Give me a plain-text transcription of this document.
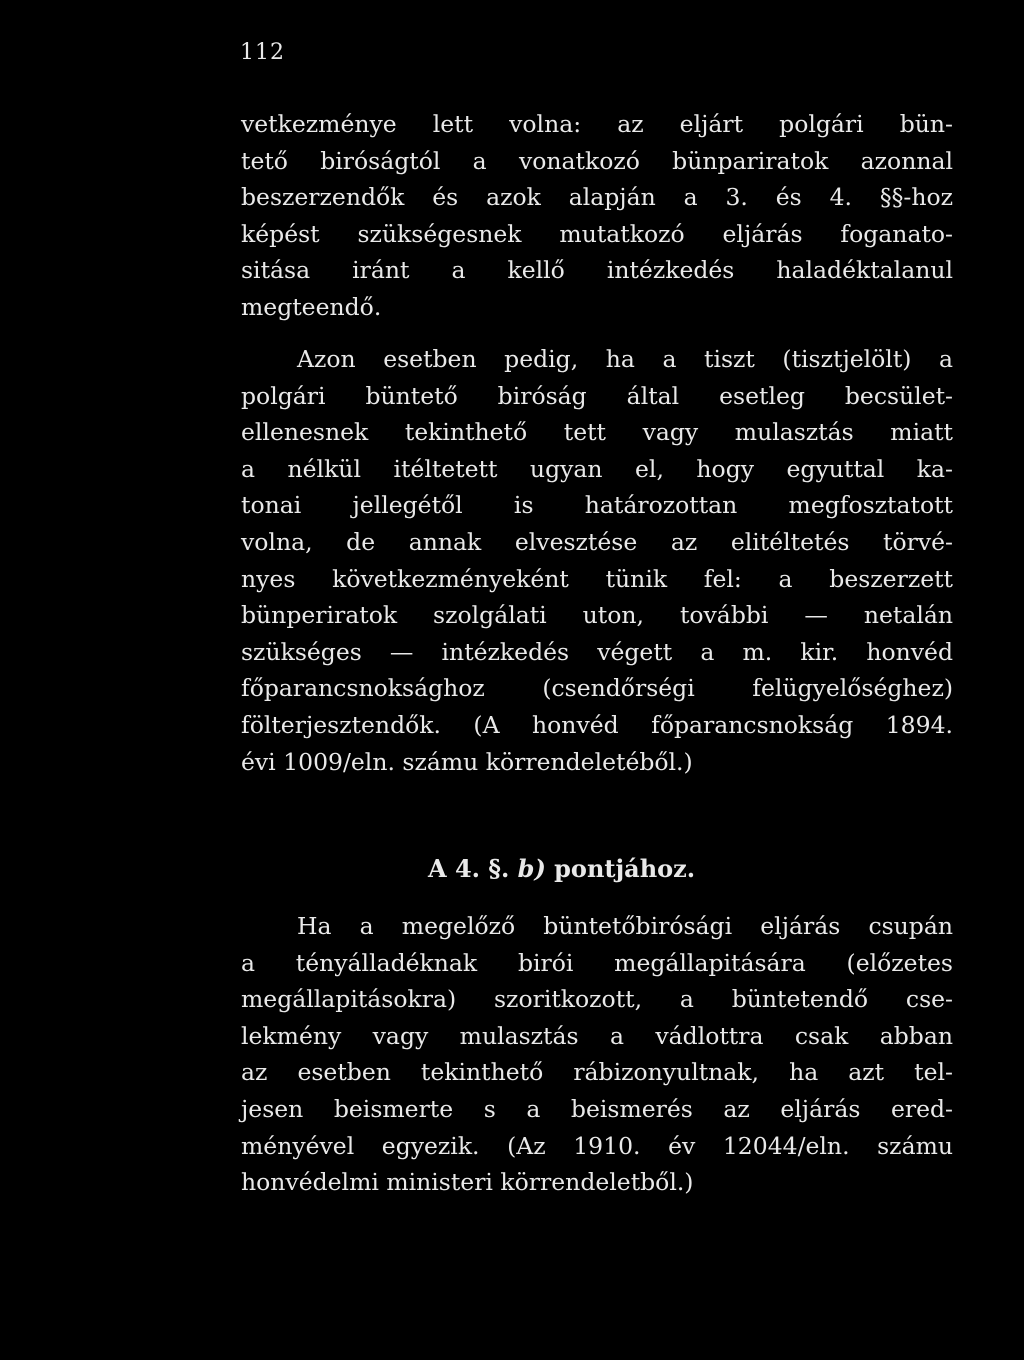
112
vetkezménye lett volna: az eljárt polgári bün-
tető biróságtól a vonatkozó bünpariratok azonnal
beszerzendők és azok alapján a 3. és 4. §§-hoz
képést szükségesnek mutatkozó eljárás foganato-
sitása iránt a kellő intézkedés haladéktalanul
megteendő.
Azon esetben pedig, ha a tiszt (tisztjelölt) a
polgári büntető biróság által esetleg becsület-
ellenesnek tekinthető tett vagy mulasztás miatt
a nélkül itéltetett ugyan el, hogy egyuttal ka-
tonai jellegétől is határozottan megfosztatott
volna, de annak elvesztése az elitéltetés törvé-
nyes következményeként tünik fel: a beszerzett
bünperiratok szolgálati uton, további — netalán
szükséges — intézkedés végett a m. kir. honvéd
főparancsnoksághoz (csendőrségi felügyelőséghez)
fölterjesztendők. (A honvéd főparancsnokság 1894.
évi 1009/eln. számu körrendeletéből.)
A 4. §. b) pontjához.
Ha a megelőző büntetőbirósági eljárás csupán
a tényálladéknak birói megállapitására (előzetes
megállapitásokra) szoritkozott, a büntetendő cse-
lekmény vagy mulasztás a vádlottra csak abban
az esetben tekinthető rábizonyultnak, ha azt tel-
jesen beismerte s a beismerés az eljárás ered-
ményével egyezik. (Az 1910. év 12044/eln. számu
honvédelmi ministeri körrendeletből.)
